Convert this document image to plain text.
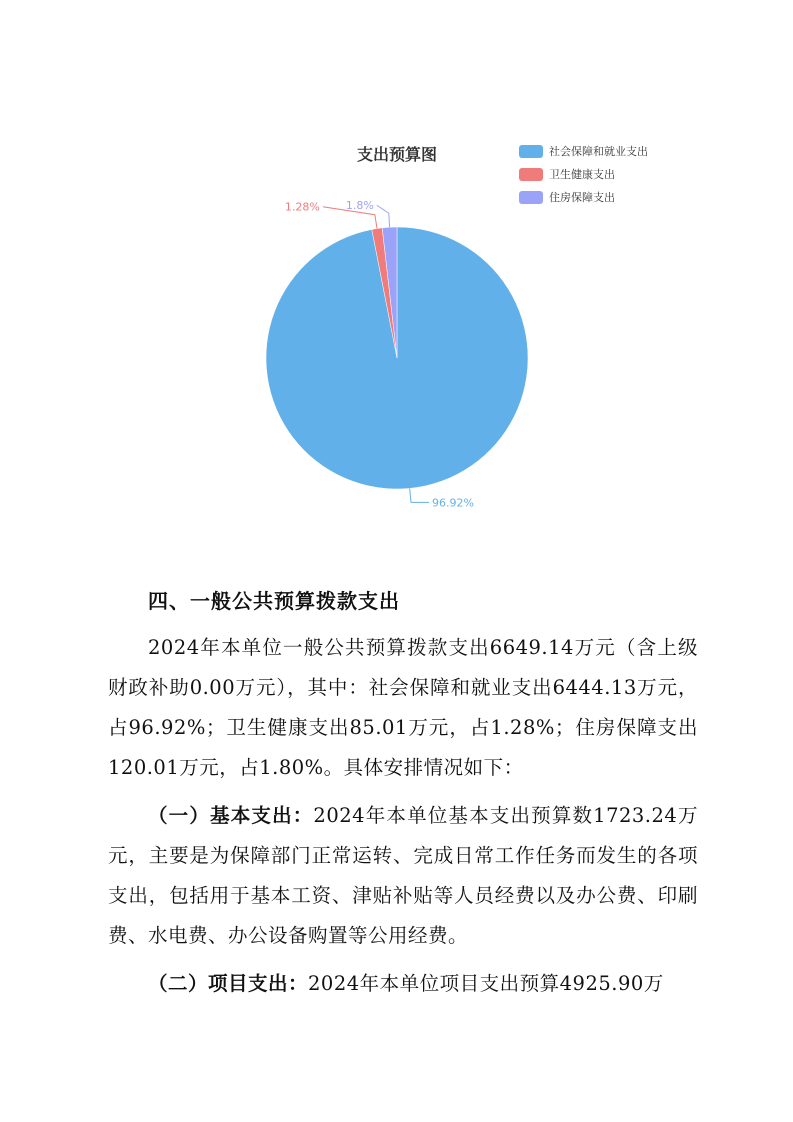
支出预算图	社会保障和就业支出
卫生健康支出
住房保障支出
96.92%
1.28% 1.8%
四、一般公共预算拨款支出

2024年本单位一般公共预算拨款支出6649.14万元（含上级财政补助0.00万元），其中：社会保障和就业支出6444.13万元，占96.92%；卫生健康支出85.01万元，占1.28%；住房保障支出120.01万元，占1.80%。具体安排情况如下：

（一）基本支出：2024年本单位基本支出预算数1723.24万元，主要是为保障部门正常运转、完成日常工作任务而发生的各项支出，包括用于基本工资、津贴补贴等人员经费以及办公费、印刷费、水电费、办公设备购置等公用经费。

（二）项目支出：2024年本单位项目支出预算4925.90万
